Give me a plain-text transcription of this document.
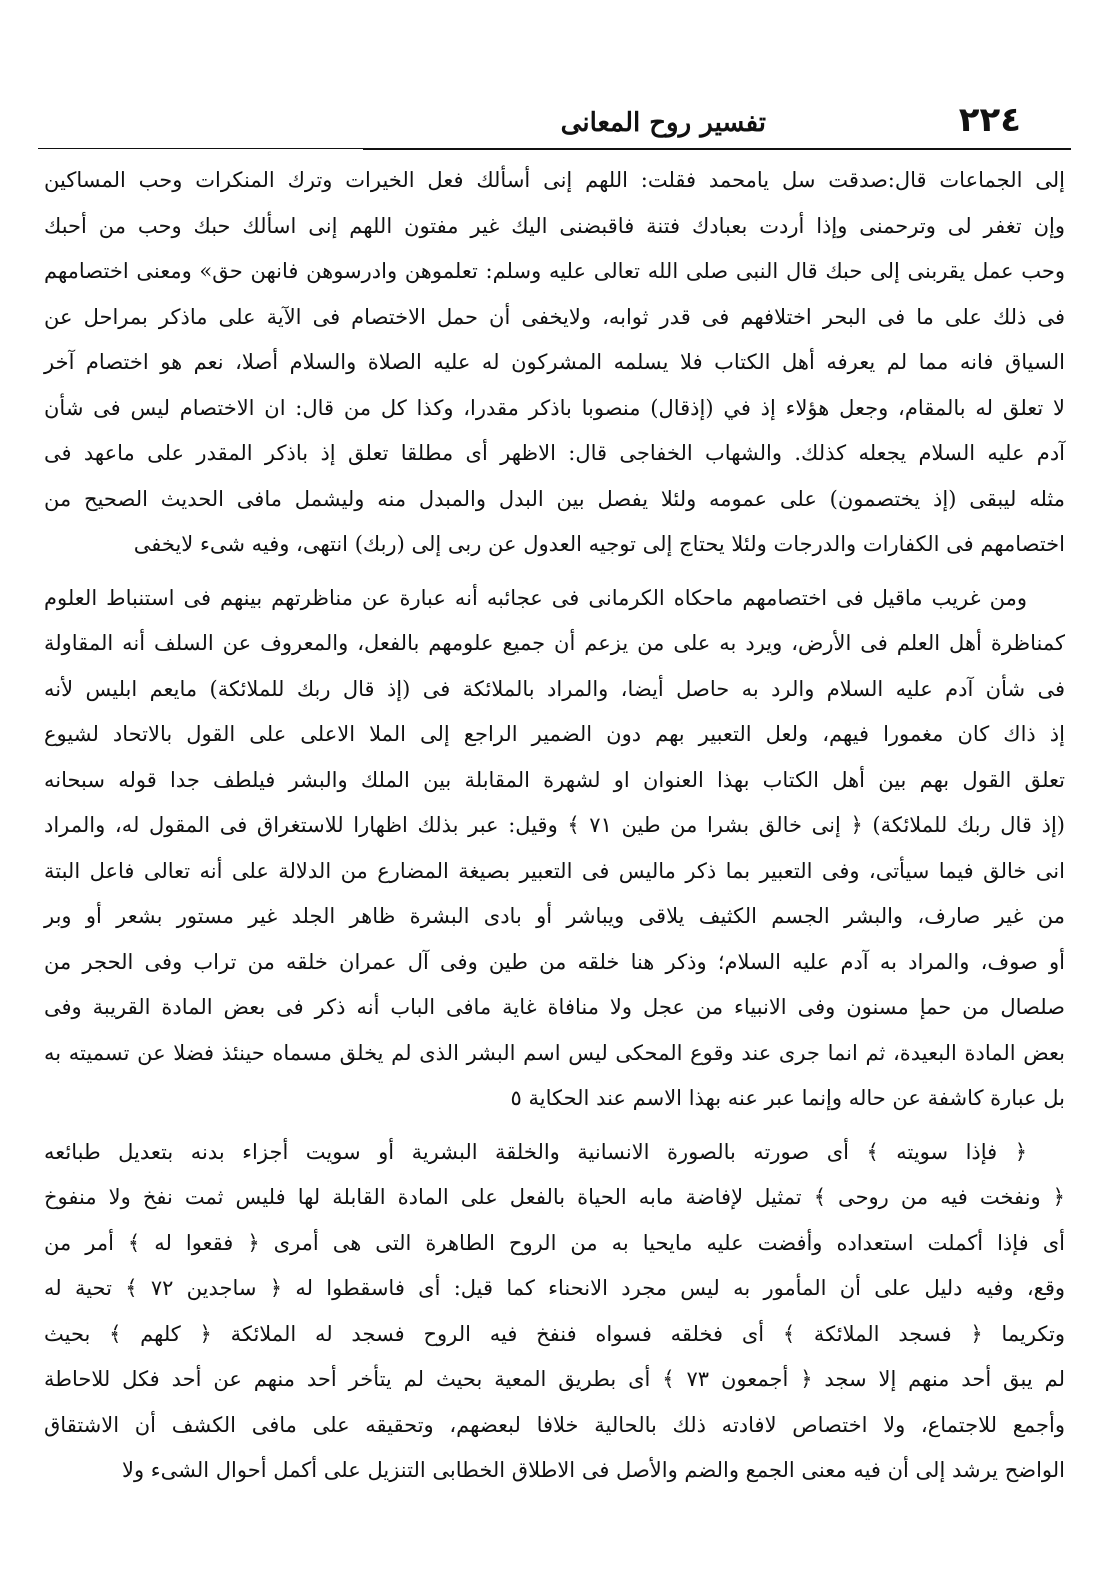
٢٢٤
تفسير روح المعانى
إلى الجماعات قال:صدقت سل يامحمد فقلت: اللهم إنى أسألك فعل الخيرات وترك المنكرات وحب المساكين
وإن تغفر لى وترحمنى وإذا أردت بعبادك فتنة فاقبضنى اليك غير مفتون اللهم إنى اسألك حبك وحب من أحبك
وحب عمل يقربنى إلى حبك قال النبى صلى الله تعالى عليه وسلم: تعلموهن وادرسوهن فانهن حق» ومعنى اختصامهم
فى ذلك على ما فى البحر اختلافهم فى قدر ثوابه، ولايخفى أن حمل الاختصام فى الآية على ماذكر بمراحل عن
السياق فانه مما لم يعرفه أهل الكتاب فلا يسلمه المشركون له عليه الصلاة والسلام أصلا، نعم هو اختصام آخر
لا تعلق له بالمقام، وجعل هؤلاء إذ في (إذقال) منصوبا باذكر مقدرا، وكذا كل من قال: ان الاختصام ليس فى شأن
آدم عليه السلام يجعله كذلك. والشهاب الخفاجى قال: الاظهر أى مطلقا تعلق إذ باذكر المقدر على ماعهد فى
مثله ليبقى (إذ يختصمون) على عمومه ولئلا يفصل بين البدل والمبدل منه وليشمل مافى الحديث الصحيح من
اختصامهم فى الكفارات والدرجات ولئلا يحتاج إلى توجيه العدول عن ربى إلى (ربك) انتهى، وفيه شىء لايخفى
ومن غريب ماقيل فى اختصامهم ماحكاه الكرمانى فى عجائبه أنه عبارة عن مناظرتهم بينهم فى استنباط العلوم
كمناظرة أهل العلم فى الأرض، ويرد به على من يزعم أن جميع علومهم بالفعل، والمعروف عن السلف أنه المقاولة
فى شأن آدم عليه السلام والرد به حاصل أيضا، والمراد بالملائكة فى (إذ قال ربك للملائكة) مايعم ابليس لأنه
إذ ذاك كان مغمورا فيهم، ولعل التعبير بهم دون الضمير الراجع إلى الملا الاعلى على القول بالاتحاد لشيوع
تعلق القول بهم بين أهل الكتاب بهذا العنوان او لشهرة المقابلة بين الملك والبشر فيلطف جدا قوله سبحانه
(إذ قال ربك للملائكة) ﴿ إنى خالق بشرا من طين ٧١ ﴾ وقيل: عبر بذلك اظهارا للاستغراق فى المقول له، والمراد
انى خالق فيما سيأتى، وفى التعبير بما ذكر ماليس فى التعبير بصيغة المضارع من الدلالة على أنه تعالى فاعل البتة
من غير صارف، والبشر الجسم الكثيف يلاقى ويباشر أو بادى البشرة ظاهر الجلد غير مستور بشعر أو وبر
أو صوف، والمراد به آدم عليه السلام؛ وذكر هنا خلقه من طين وفى آل عمران خلقه من تراب وفى الحجر من
صلصال من حمإ مسنون وفى الانبياء من عجل ولا منافاة غاية مافى الباب أنه ذكر فى بعض المادة القريبة وفى
بعض المادة البعيدة، ثم انما جرى عند وقوع المحكى ليس اسم البشر الذى لم يخلق مسماه حينئذ فضلا عن تسميته به
بل عبارة كاشفة عن حاله وإنما عبر عنه بهذا الاسم عند الحكاية ٥
﴿ فإذا سويته ﴾ أى صورته بالصورة الانسانية والخلقة البشرية أو سويت أجزاء بدنه بتعديل طبائعه
﴿ ونفخت فيه من روحى ﴾ تمثيل لإفاضة مابه الحياة بالفعل على المادة القابلة لها فليس ثمت نفخ ولا منفوخ
أى فإذا أكملت استعداده وأفضت عليه مايحيا به من الروح الطاهرة التى هى أمرى ﴿ فقعوا له ﴾ أمر من
وقع، وفيه دليل على أن المأمور به ليس مجرد الانحناء كما قيل: أى فاسقطوا له ﴿ ساجدين ٧٢ ﴾ تحية له
وتكريما ﴿ فسجد الملائكة ﴾ أى فخلقه فسواه فنفخ فيه الروح فسجد له الملائكة ﴿ كلهم ﴾ بحيث
لم يبق أحد منهم إلا سجد ﴿ أجمعون ٧٣ ﴾ أى بطريق المعية بحيث لم يتأخر أحد منهم عن أحد فكل للاحاطة
وأجمع للاجتماع، ولا اختصاص لافادته ذلك بالحالية خلافا لبعضهم، وتحقيقه على مافى الكشف أن الاشتقاق
الواضح يرشد إلى أن فيه معنى الجمع والضم والأصل فى الاطلاق الخطابى التنزيل على أكمل أحوال الشىء ولا
